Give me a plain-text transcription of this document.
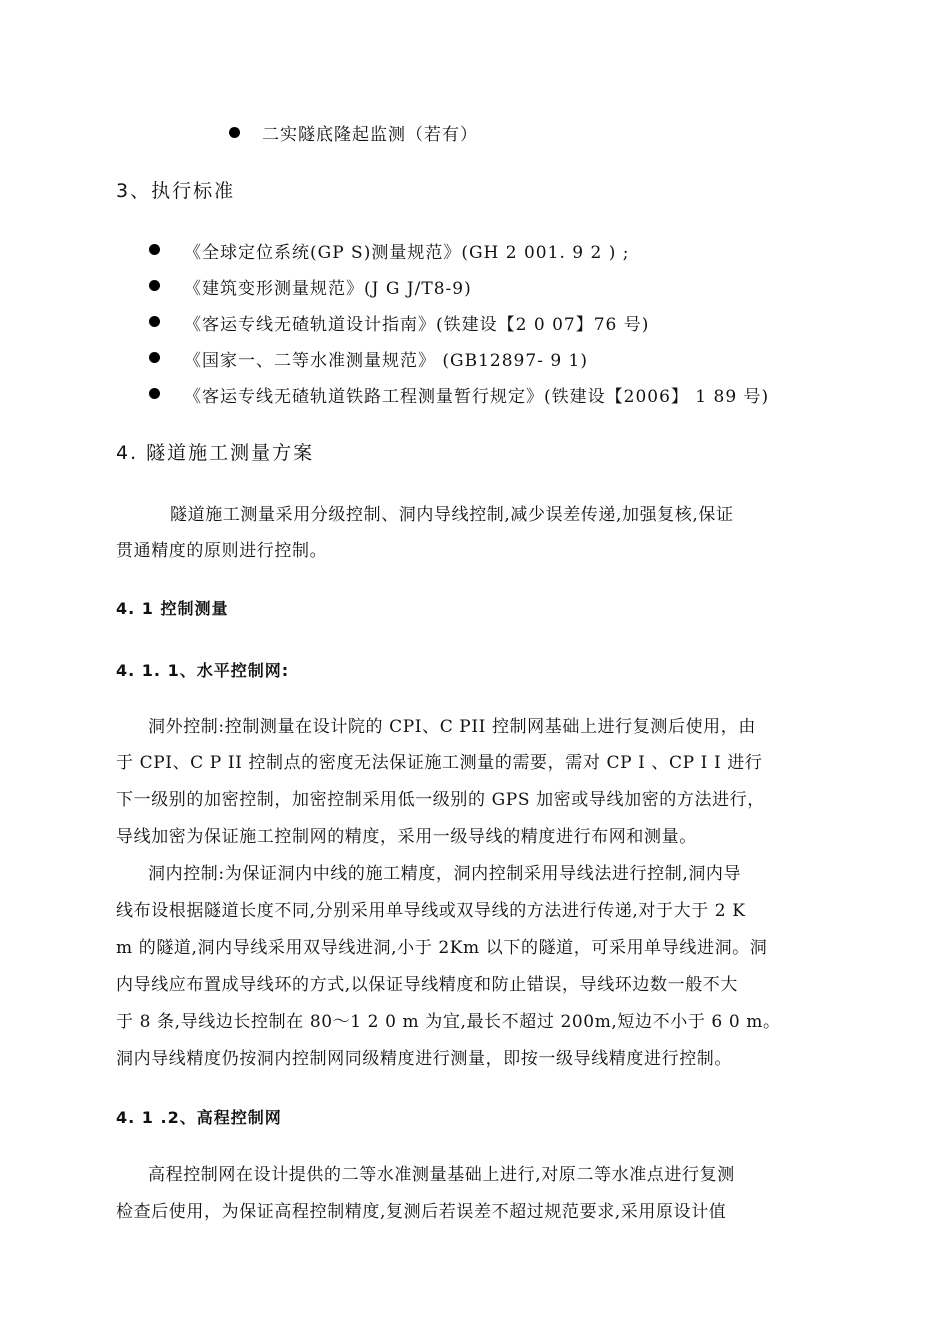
二实隧底隆起监测（若有）
3、执行标准
《全球定位系统(GP S)测量规范》(GH 2 001. 9 2 ) ;
《建筑变形测量规范》(J G J/T8-9)
《客运专线无碴轨道设计指南》(铁建设【2 0 07】76 号)
《国家一、二等水准测量规范》 (GB12897- 9 1)
《客运专线无碴轨道铁路工程测量暂行规定》(铁建设【2006】 1 89 号)
4. 隧道施工测量方案
隧道施工测量采用分级控制、洞内导线控制,减少误差传递,加强复核,保证
贯通精度的原则进行控制。
4. 1 控制测量
4. 1. 1、水平控制网:
洞外控制:控制测量在设计院的 CPI、C PII 控制网基础上进行复测后使用，由
于 CPI、C P II 控制点的密度无法保证施工测量的需要，需对 CP I 、CP I I 进行
下一级别的加密控制，加密控制采用低一级别的 GPS 加密或导线加密的方法进行，
导线加密为保证施工控制网的精度，采用一级导线的精度进行布网和测量。
洞内控制:为保证洞内中线的施工精度，洞内控制采用导线法进行控制,洞内导
线布设根据隧道长度不同,分别采用单导线或双导线的方法进行传递,对于大于 2 K
m 的隧道,洞内导线采用双导线进洞,小于 2Km 以下的隧道，可采用单导线进洞。洞
内导线应布置成导线环的方式,以保证导线精度和防止错误，导线环边数一般不大
于 8 条,导线边长控制在 80～1 2 0 m 为宜,最长不超过 200m,短边不小于 6 0 m。
洞内导线精度仍按洞内控制网同级精度进行测量，即按一级导线精度进行控制。
4. 1 .2、高程控制网
高程控制网在设计提供的二等水准测量基础上进行,对原二等水准点进行复测
检查后使用，为保证高程控制精度,复测后若误差不超过规范要求,采用原设计值
